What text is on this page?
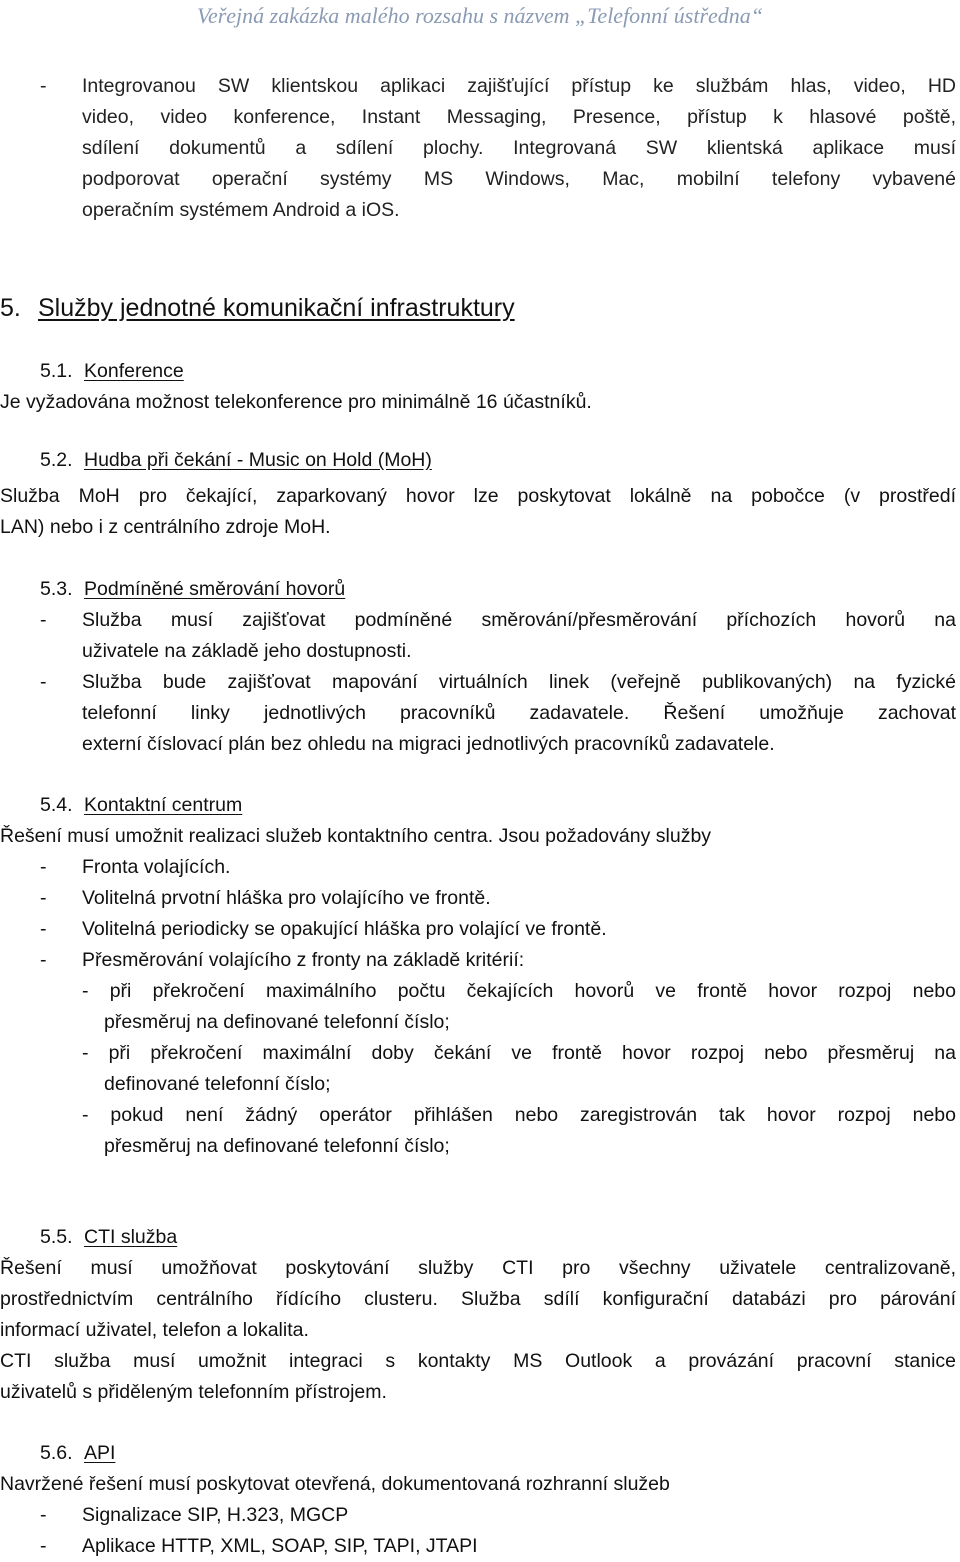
Veřejná zakázka malého rozsahu s názvem „Telefonní ústředna“
- Integrovanou SW klientskou aplikaci zajišťující přístup ke službám hlas, video, HD
video, video konference, Instant Messaging, Presence, přístup k hlasové poště,
sdílení dokumentů a sdílení plochy. Integrovaná SW klientská aplikace musí
podporovat operační systémy MS Windows, Mac, mobilní telefony vybavené
operačním systémem Android a iOS.
5. Služby jednotné komunikační infrastruktury
5.1. Konference
Je vyžadována možnost telekonference pro minimálně 16 účastníků.
5.2. Hudba při čekání - Music on Hold (MoH)
Služba MoH pro čekající, zaparkovaný hovor lze poskytovat lokálně na pobočce (v prostředí
LAN) nebo i z centrálního zdroje MoH.
5.3. Podmíněné směrování hovorů
- Služba musí zajišťovat podmíněné směrování/přesměrování příchozích hovorů na
uživatele na základě jeho dostupnosti.
- Služba bude zajišťovat mapování virtuálních linek (veřejně publikovaných) na fyzické
telefonní linky jednotlivých pracovníků zadavatele. Řešení umožňuje zachovat
externí číslovací plán bez ohledu na migraci jednotlivých pracovníků zadavatele.
5.4. Kontaktní centrum
Řešení musí umožnit realizaci služeb kontaktního centra. Jsou požadovány služby
- Fronta volajících.
- Volitelná prvotní hláška pro volajícího ve frontě.
- Volitelná periodicky se opakující hláška pro volající ve frontě.
- Přesměrování volajícího z fronty na základě kritérií:
- při překročení maximálního počtu čekajících hovorů ve frontě hovor rozpoj nebo
přesměruj na definované telefonní číslo;
- při překročení maximální doby čekání ve frontě hovor rozpoj nebo přesměruj na
definované telefonní číslo;
- pokud není žádný operátor přihlášen nebo zaregistrován tak hovor rozpoj nebo
přesměruj na definované telefonní číslo;
5.5. CTI služba
Řešení musí umožňovat poskytování služby CTI pro všechny uživatele centralizovaně,
prostřednictvím centrálního řídícího clusteru. Služba sdílí konfigurační databázi pro párování
informací uživatel, telefon a lokalita.
CTI služba musí umožnit integraci s kontakty MS Outlook a provázání pracovní stanice
uživatelů s přiděleným telefonním přístrojem.
5.6. API
Navržené řešení musí poskytovat otevřená, dokumentovaná rozhranní služeb
- Signalizace SIP, H.323, MGCP
- Aplikace HTTP, XML, SOAP, SIP, TAPI, JTAPI
